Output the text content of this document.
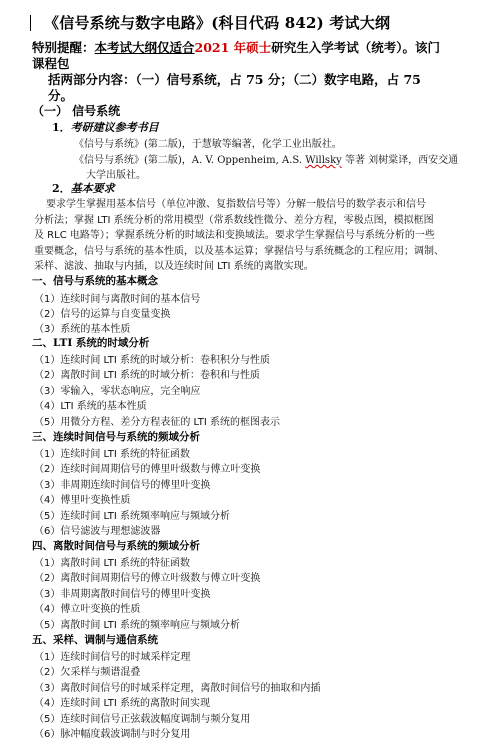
《信号系统与数字电路》(科目代码 842) 考试大纲
特别提醒：本考试大纲仅适合2021 年硕士研究生入学考试（统考）。该门课程包
括两部分内容：（一）信号系统，占 75 分；（二）数字电路，占 75
分。
（一） 信号系统
1．考研建议参考书目
《信号与系统》(第二版)，于慧敏等编著，化学工业出版社。
《信号与系统》(第二版)，A. V. Oppenheim, A.S. Willsky 等著 刘树棠译，西安交通
大学出版社。
2．基本要求
要求学生掌握用基本信号（单位冲激、复指数信号等）分解一般信号的数学表示和信号
分析法；掌握 LTI 系统分析的常用模型（常系数线性微分、差分方程，零极点图，模拟框图
及 RLC 电路等）；掌握系统分析的时域法和变换域法。要求学生掌握信号与系统分析的一些
重要概念，信号与系统的基本性质，以及基本运算；掌握信号与系统概念的工程应用；调制、
采样、滤波、抽取与内插，以及连续时间 LTI 系统的离散实现。
一、信号与系统的基本概念
（1）连续时间与离散时间的基本信号
（2）信号的运算与自变量变换
（3）系统的基本性质
二、LTI 系统的时域分析
（1）连续时间 LTI 系统的时域分析：卷积积分与性质
（2）离散时间 LTI 系统的时域分析：卷积和与性质
（3）零输入，零状态响应，完全响应
（4）LTI 系统的基本性质
（5）用微分方程、差分方程表征的 LTI 系统的框图表示
三、连续时间信号与系统的频域分析
（1）连续时间 LTI 系统的特征函数
（2）连续时间周期信号的傅里叶级数与傅立叶变换
（3）非周期连续时间信号的傅里叶变换
（4）傅里叶变换性质
（5）连续时间 LTI 系统频率响应与频域分析
（6）信号滤波与理想滤波器
四、离散时间信号与系统的频域分析
（1）离散时间 LTI 系统的特征函数
（2）离散时间周期信号的傅立叶级数与傅立叶变换
（3）非周期离散时间信号的傅里叶变换
（4）傅立叶变换的性质
（5）离散时间 LTI 系统的频率响应与频域分析
五、采样、调制与通信系统
（1）连续时间信号的时域采样定理
（2）欠采样与频谱混叠
（3）离散时间信号的时域采样定理，离散时间信号的抽取和内插
（4）连续时间 LTI 系统的离散时间实现
（5）连续时间信号正弦载波幅度调制与频分复用
（6）脉冲幅度载波调制与时分复用
